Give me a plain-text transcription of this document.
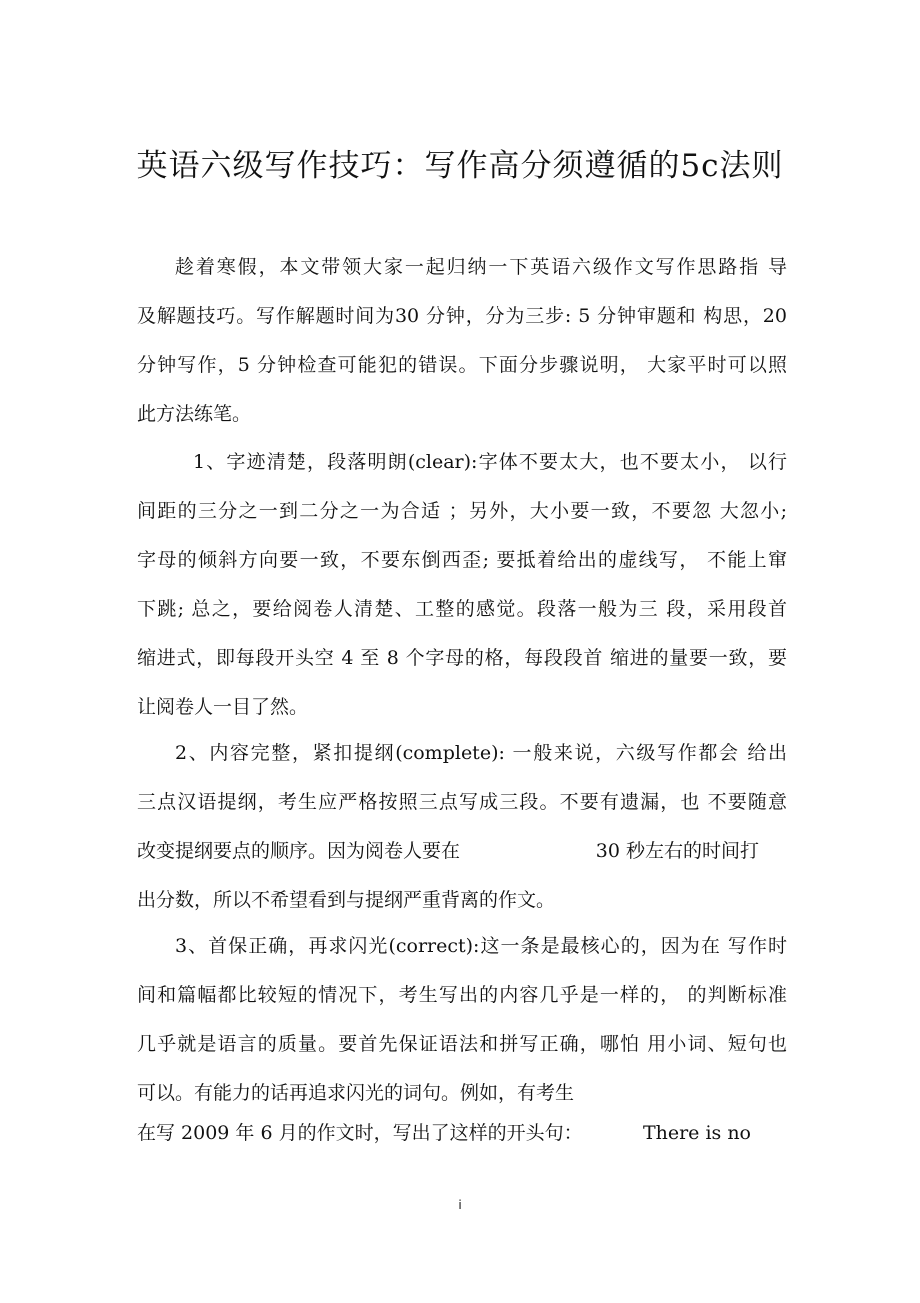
英语六级写作技巧：写作高分须遵循的5c法则
趁着寒假，本文带领大家一起归纳一下英语六级作文写作思路指 导
及解题技巧。写作解题时间为30 分钟，分为三步: 5 分钟审题和 构思，20
分钟写作，5 分钟检查可能犯的错误。下面分步骤说明， 大家平时可以照
此方法练笔。
1、字迹清楚，段落明朗(clear):字体不要太大，也不要太小， 以行
间距的三分之一到二分之一为合适 ；另外，大小要一致，不要忽 大忽小;
字母的倾斜方向要一致，不要东倒西歪; 要抵着给出的虚线写， 不能上窜
下跳; 总之，要给阅卷人清楚、工整的感觉。段落一般为三 段，采用段首
缩进式，即每段开头空 4 至 8 个字母的格，每段段首 缩进的量要一致，要
让阅卷人一目了然。
2、内容完整，紧扣提纲(complete): 一般来说，六级写作都会 给出
三点汉语提纲，考生应严格按照三点写成三段。不要有遗漏，也 不要随意
改变提纲要点的顺序。因为阅卷人要在	30 秒左右的时间打
出分数，所以不希望看到与提纲严重背离的作文。
3、首保正确，再求闪光(correct):这一条是最核心的，因为在 写作时
间和篇幅都比较短的情况下，考生写出的内容几乎是一样的， 的判断标准
几乎就是语言的质量。要首先保证语法和拼写正确，哪怕 用小词、短句也
可以。有能力的话再追求闪光的词句。例如，有考生
在写 2009 年 6 月的作文时，写出了这样的开头句：	There is no
i
